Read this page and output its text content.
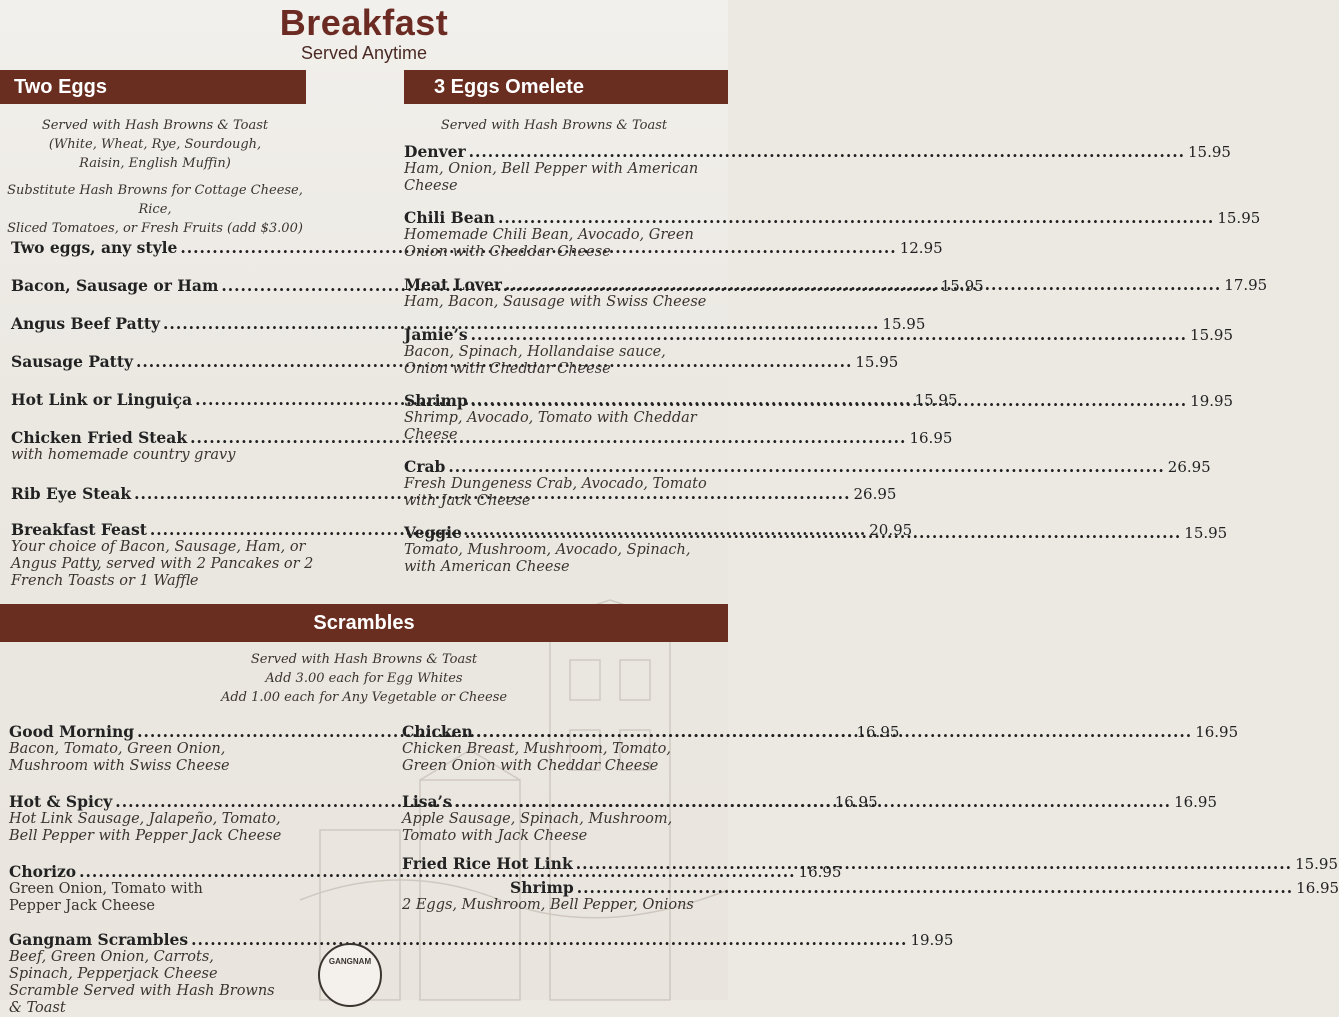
Breakfast
Served Anytime
Two Eggs
Served with Hash Browns & Toast
(White, Wheat, Rye, Sourdough,
Raisin, English Muffin)
Substitute Hash Browns for Cottage Cheese, Rice,
Sliced Tomatoes, or Fresh Fruits (add $3.00)
Two eggs, any style .....	12.95
Bacon, Sausage or Ham .....	15.95
Angus Beef Patty .....	15.95
Sausage Patty .....	15.95
Hot Link or Linguiça .....	15.95
Chicken Fried Steak .....	16.95
with homemade country gravy
Rib Eye Steak .....	26.95
Breakfast Feast .....	20.95
Your choice of Bacon, Sausage, Ham, or Angus Patty, served with 2 Pancakes or 2 French Toasts or 1 Waffle
3 Eggs Omelete
Served with Hash Browns & Toast
Denver .....	15.95
Ham, Onion, Bell Pepper with American Cheese
Chili Bean .....	15.95
Homemade Chili Bean, Avocado, Green Onion with Cheddar Cheese
Meat Lover .....	17.95
Ham, Bacon, Sausage with Swiss Cheese
Jamie’s .....	15.95
Bacon, Spinach, Hollandaise sauce, Onion with Cheddar Cheese
Shrimp .....	19.95
Shrimp, Avocado, Tomato with Cheddar Cheese
Crab .....	26.95
Fresh Dungeness Crab, Avocado, Tomato with Jack Cheese
Veggie .....	15.95
Tomato, Mushroom, Avocado, Spinach, with American Cheese
Scrambles
Served with Hash Browns & Toast
Add 3.00 each for Egg Whites
Add 1.00 each for Any Vegetable or Cheese
Good Morning .....	16.95
Bacon, Tomato, Green Onion, Mushroom with Swiss Cheese
Hot & Spicy .....	16.95
Hot Link Sausage, Jalapeño, Tomato, Bell Pepper with Pepper Jack Cheese
Chorizo .....	16.95
Green Onion, Tomato with Pepper Jack Cheese
Gangnam Scrambles .....	19.95
Beef, Green Onion, Carrots, Spinach, Pepperjack Cheese Scramble Served with Hash Browns & Toast
Chicken .....	16.95
Chicken Breast, Mushroom, Tomato, Green Onion with Cheddar Cheese
Lisa’s .....	16.95
Apple Sausage, Spinach, Mushroom, Tomato with Jack Cheese
Fried Rice Hot Link .....	15.95
Shrimp .....	16.95
2 Eggs, Mushroom, Bell Pepper, Onions
GANGNAM
